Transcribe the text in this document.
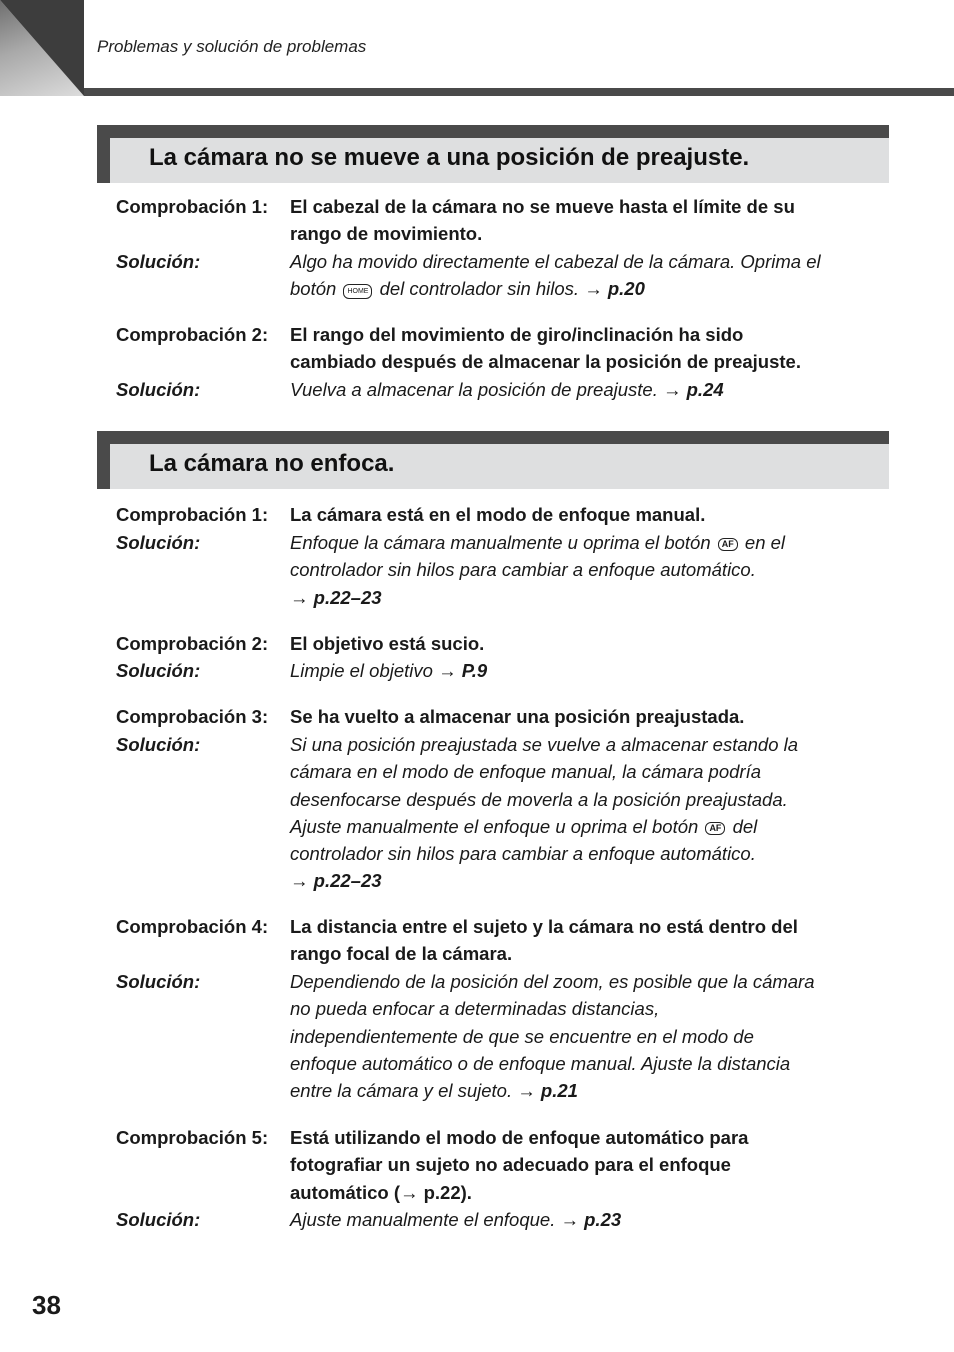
Problemas y solución de problemas
La cámara no se mueve a una posición de preajuste.
Comprobación 1: El cabezal de la cámara no se mueve hasta el límite de su
rango de movimiento.
Solución:	Algo ha movido directamente el cabezal de la cámara. Oprima el
botón HOME del controlador sin hilos. → p.20
Comprobación 2: El rango del movimiento de giro/inclinación ha sido
cambiado después de almacenar la posición de preajuste.
Solución:	Vuelva a almacenar la posición de preajuste. → p.24
La cámara no enfoca.
Comprobación 1: La cámara está en el modo de enfoque manual.
Solución:	Enfoque la cámara manualmente u oprima el botón AF en el
controlador sin hilos para cambiar a enfoque automático.
→ p.22–23
Comprobación 2: El objetivo está sucio.
Solución:	Limpie el objetivo → P.9
Comprobación 3: Se ha vuelto a almacenar una posición preajustada.
Solución:	Si una posición preajustada se vuelve a almacenar estando la
cámara en el modo de enfoque manual, la cámara podría
desenfocarse después de moverla a la posición preajustada.
Ajuste manualmente el enfoque u oprima el botón AF del
controlador sin hilos para cambiar a enfoque automático.
→ p.22–23
Comprobación 4: La distancia entre el sujeto y la cámara no está dentro del
rango focal de la cámara.
Solución:	Dependiendo de la posición del zoom, es posible que la cámara
no pueda enfocar a determinadas distancias,
independientemente de que se encuentre en el modo de
enfoque automático o de enfoque manual. Ajuste la distancia
entre la cámara y el sujeto. → p.21
Comprobación 5: Está utilizando el modo de enfoque automático para
fotografiar un sujeto no adecuado para el enfoque
automático (→ p.22).
Solución:	Ajuste manualmente el enfoque. → p.23
38
